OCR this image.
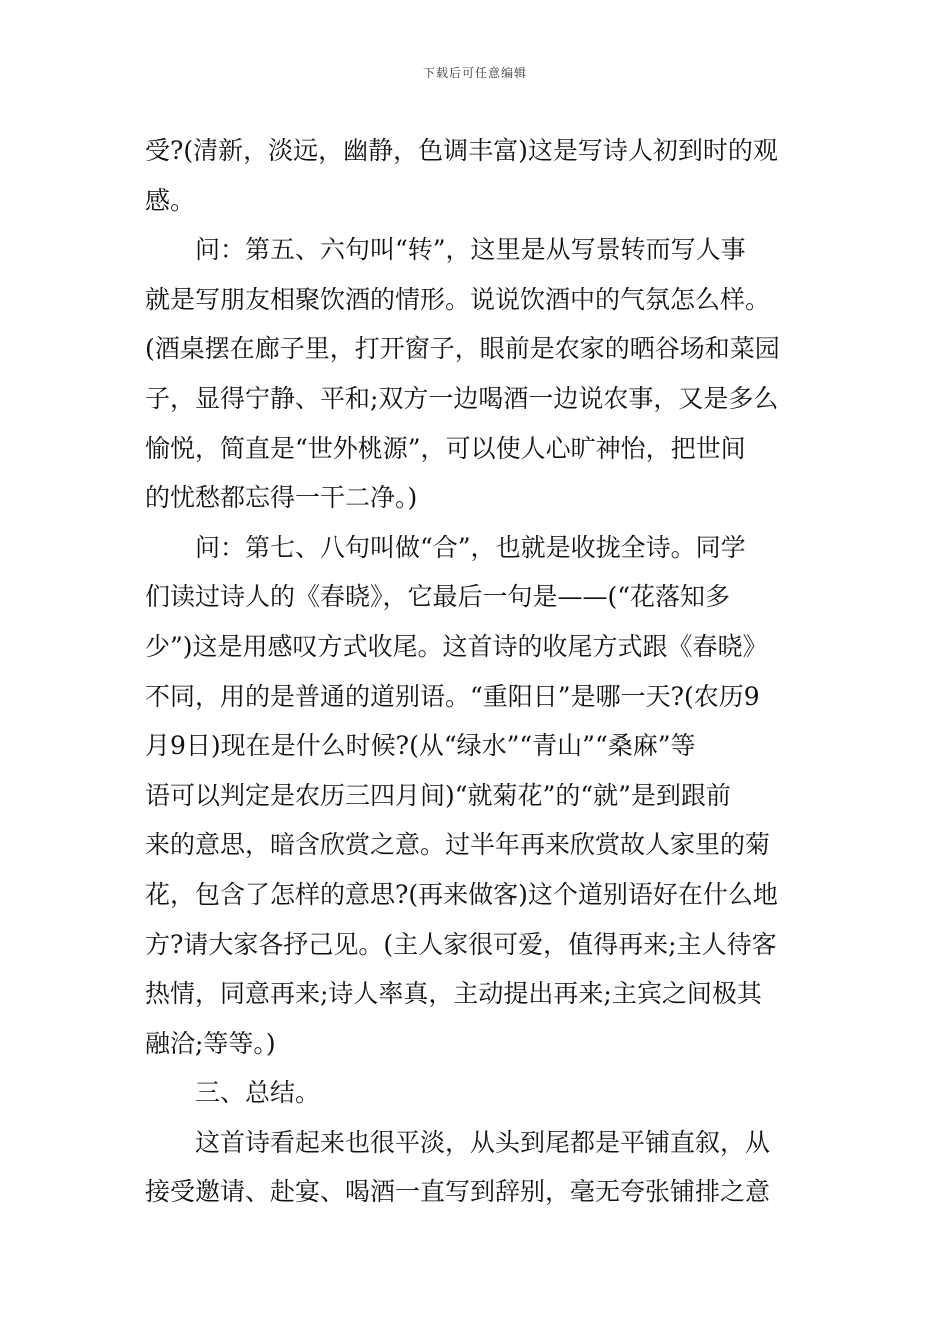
下载后可任意编辑
受?(清新，淡远，幽静，色调丰富)这是写诗人初到时的观
感。
问：第五、六句叫“转”，这里是从写景转而写人事
就是写朋友相聚饮酒的情形。说说饮酒中的气氛怎么样。
(酒桌摆在廊子里，打开窗子，眼前是农家的晒谷场和菜园
子，显得宁静、平和;双方一边喝酒一边说农事，又是多么
愉悦，简直是“世外桃源”，可以使人心旷神怡，把世间
的忧愁都忘得一干二净。)
问：第七、八句叫做“合”，也就是收拢全诗。同学
们读过诗人的《春晓》，它最后一句是——(“花落知多
少”)这是用感叹方式收尾。这首诗的收尾方式跟《春晓》
不同，用的是普通的道别语。“重阳日”是哪一天?(农历9
月9日)现在是什么时候?(从“绿水”“青山”“桑麻”等
语可以判定是农历三四月间)“就菊花”的“就”是到跟前
来的意思，暗含欣赏之意。过半年再来欣赏故人家里的菊
花，包含了怎样的意思?(再来做客)这个道别语好在什么地
方?请大家各抒己见。(主人家很可爱，值得再来;主人待客
热情，同意再来;诗人率真，主动提出再来;主宾之间极其
融洽;等等。)
三、总结。
这首诗看起来也很平淡，从头到尾都是平铺直叙，从
接受邀请、赴宴、喝酒一直写到辞别，毫无夸张铺排之意
